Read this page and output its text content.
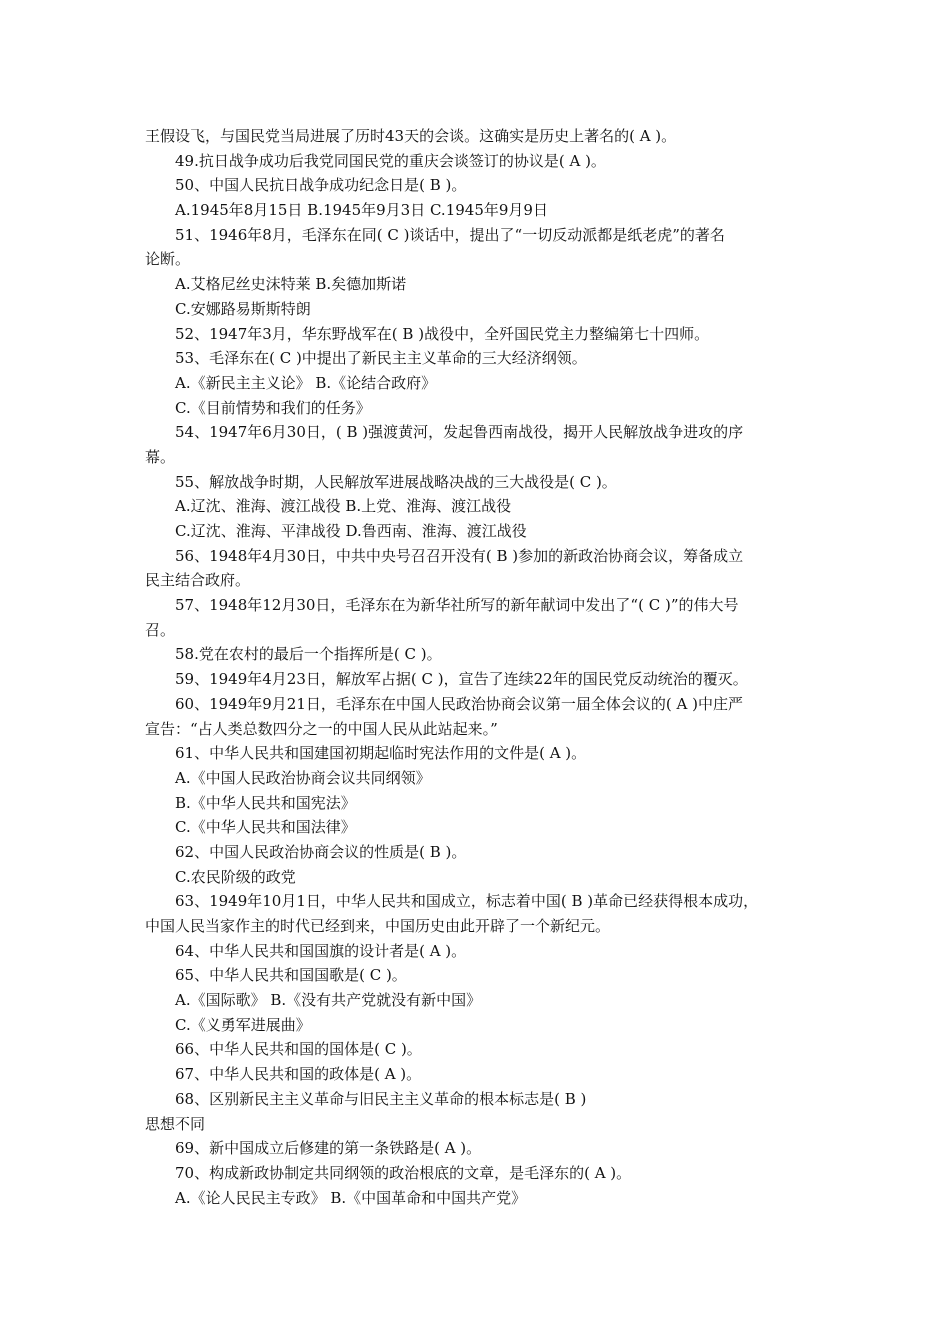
王假设飞，与国民党当局进展了历时43天的会谈。这确实是历史上著名的( A )。
49.抗日战争成功后我党同国民党的重庆会谈签订的协议是( A )。
50、中国人民抗日战争成功纪念日是( B )。
A.1945年8月15日 B.1945年9月3日 C.1945年9月9日
51、1946年8月，毛泽东在同( C )谈话中，提出了“一切反动派都是纸老虎”的著名
论断。
A.艾格尼丝史沫特莱 B.矣德加斯诺
C.安娜路易斯斯特朗
52、1947年3月，华东野战军在( B )战役中，全歼国民党主力整编第七十四师。
53、毛泽东在( C )中提出了新民主主义革命的三大经济纲领。
A.《新民主主义论》 B.《论结合政府》
C.《目前情势和我们的任务》
54、1947年6月30日，( B )强渡黄河，发起鲁西南战役，揭开人民解放战争进攻的序
幕。
55、解放战争时期，人民解放军进展战略决战的三大战役是( C )。
A.辽沈、淮海、渡江战役 B.上党、淮海、渡江战役
C.辽沈、淮海、平津战役 D.鲁西南、淮海、渡江战役
56、1948年4月30日，中共中央号召召开没有( B )参加的新政治协商会议，筹备成立
民主结合政府。
57、1948年12月30日，毛泽东在为新华社所写的新年献词中发出了“( C )”的伟大号
召。
58.党在农村的最后一个指挥所是( C )。
59、1949年4月23日，解放军占据( C )，宣告了连续22年的国民党反动统治的覆灭。
60、1949年9月21日，毛泽东在中国人民政治协商会议第一届全体会议的( A )中庄严
宣告：“占人类总数四分之一的中国人民从此站起来。”
61、中华人民共和国建国初期起临时宪法作用的文件是( A )。
A.《中国人民政治协商会议共同纲领》
B.《中华人民共和国宪法》
C.《中华人民共和国法律》
62、中国人民政治协商会议的性质是( B )。
C.农民阶级的政党
63、1949年10月1日，中华人民共和国成立，标志着中国( B )革命已经获得根本成功，
中国人民当家作主的时代已经到来，中国历史由此开辟了一个新纪元。
64、中华人民共和国国旗的设计者是( A )。
65、中华人民共和国国歌是( C )。
A.《国际歌》 B.《没有共产党就没有新中国》
C.《义勇军进展曲》
66、中华人民共和国的国体是( C )。
67、中华人民共和国的政体是( A )。
68、区别新民主主义革命与旧民主主义革命的根本标志是( B )
思想不同
69、新中国成立后修建的第一条铁路是( A )。
70、构成新政协制定共同纲领的政治根底的文章，是毛泽东的( A )。
A.《论人民民主专政》 B.《中国革命和中国共产党》
